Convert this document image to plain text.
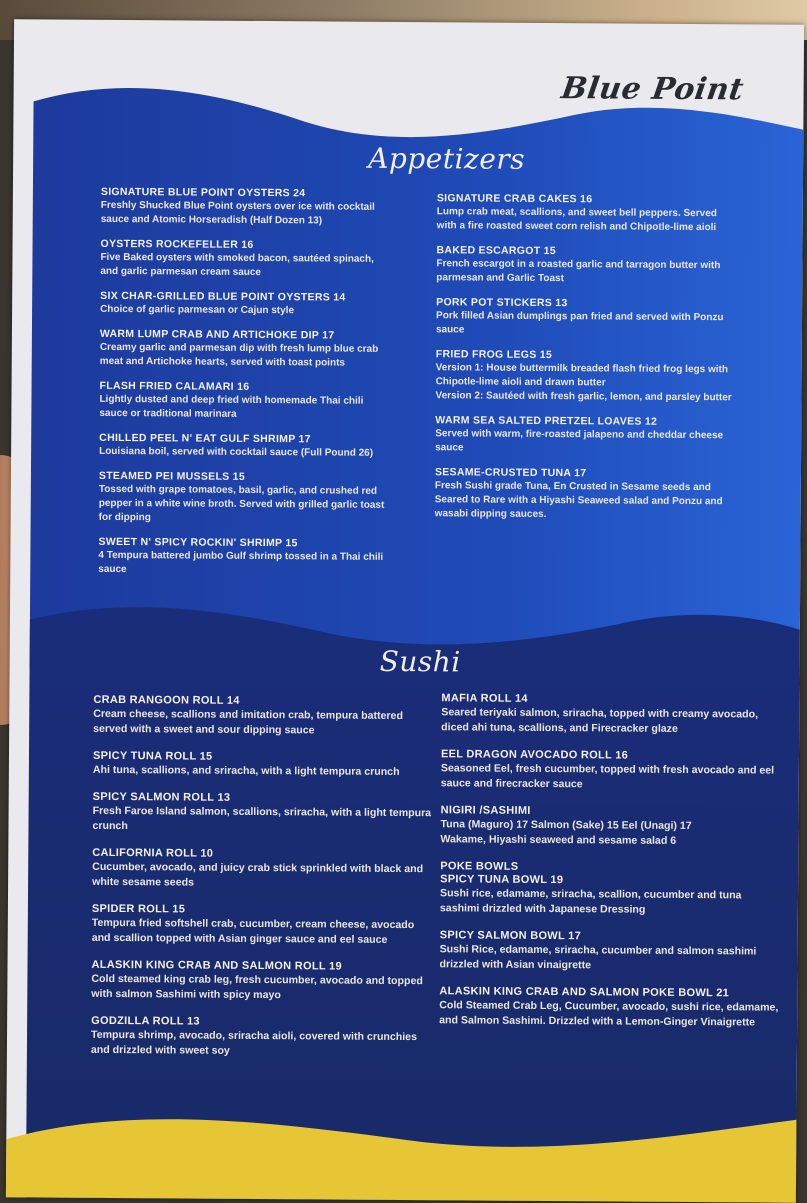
Blue Point
Appetizers
Sushi
SIGNATURE BLUE POINT OYSTERS 24
Freshly Shucked Blue Point oysters over ice with cocktail sauce and Atomic Horseradish (Half Dozen 13)
OYSTERS ROCKEFELLER 16
Five Baked oysters with smoked bacon, sautéed spinach, and garlic parmesan cream sauce
SIX CHAR-GRILLED BLUE POINT OYSTERS 14
Choice of garlic parmesan or Cajun style
WARM LUMP CRAB AND ARTICHOKE DIP 17
Creamy garlic and parmesan dip with fresh lump blue crab meat and Artichoke hearts, served with toast points
FLASH FRIED CALAMARI 16
Lightly dusted and deep fried with homemade Thai chili sauce or traditional marinara
CHILLED PEEL N' EAT GULF SHRIMP 17
Louisiana boil, served with cocktail sauce (Full Pound 26)
STEAMED PEI MUSSELS 15
Tossed with grape tomatoes, basil, garlic, and crushed red pepper in a white wine broth. Served with grilled garlic toast for dipping
SWEET N' SPICY ROCKIN' SHRIMP 15
4 Tempura battered jumbo Gulf shrimp tossed in a Thai chili sauce
SIGNATURE CRAB CAKES 16
Lump crab meat, scallions, and sweet bell peppers. Served with a fire roasted sweet corn relish and Chipotle-lime aioli
BAKED ESCARGOT 15
French escargot in a roasted garlic and tarragon butter with parmesan and Garlic Toast
PORK POT STICKERS 13
Pork filled Asian dumplings pan fried and served with Ponzu sauce
FRIED FROG LEGS 15
Version 1: House buttermilk breaded flash fried frog legs with Chipotle-lime aioli and drawn butter
Version 2: Sautéed with fresh garlic, lemon, and parsley butter
WARM SEA SALTED PRETZEL LOAVES 12
Served with warm, fire-roasted jalapeno and cheddar cheese sauce
SESAME-CRUSTED TUNA 17
Fresh Sushi grade Tuna, En Crusted in Sesame seeds and Seared to Rare with a Hiyashi Seaweed salad and Ponzu and wasabi dipping sauces.
CRAB RANGOON ROLL 14
Cream cheese, scallions and imitation crab, tempura battered served with a sweet and sour dipping sauce
SPICY TUNA ROLL 15
Ahi tuna, scallions, and sriracha, with a light tempura crunch
SPICY SALMON ROLL 13
Fresh Faroe Island salmon, scallions, sriracha, with a light tempura crunch
CALIFORNIA ROLL 10
Cucumber, avocado, and juicy crab stick sprinkled with black and white sesame seeds
SPIDER ROLL 15
Tempura fried softshell crab, cucumber, cream cheese, avocado and scallion topped with Asian ginger sauce and eel sauce
ALASKIN KING CRAB AND SALMON ROLL 19
Cold steamed king crab leg, fresh cucumber, avocado and topped with salmon Sashimi with spicy mayo
GODZILLA ROLL 13
Tempura shrimp, avocado, sriracha aioli, covered with crunchies and drizzled with sweet soy
MAFIA ROLL 14
Seared teriyaki salmon, sriracha, topped with creamy avocado, diced ahi tuna, scallions, and Firecracker glaze
EEL DRAGON AVOCADO ROLL 16
Seasoned Eel, fresh cucumber, topped with fresh avocado and eel sauce and firecracker sauce
NIGIRI /SASHIMI
Tuna (Maguro) 17 Salmon (Sake) 15 Eel (Unagi) 17
Wakame, Hiyashi seaweed and sesame salad 6
POKE BOWLS
SPICY TUNA BOWL 19
Sushi rice, edamame, sriracha, scallion, cucumber and tuna sashimi drizzled with Japanese Dressing
SPICY SALMON BOWL 17
Sushi Rice, edamame, sriracha, cucumber and salmon sashimi drizzled with Asian vinaigrette
ALASKIN KING CRAB AND SALMON POKE BOWL 21
Cold Steamed Crab Leg, Cucumber, avocado, sushi rice, edamame, and Salmon Sashimi. Drizzled with a Lemon-Ginger Vinaigrette
